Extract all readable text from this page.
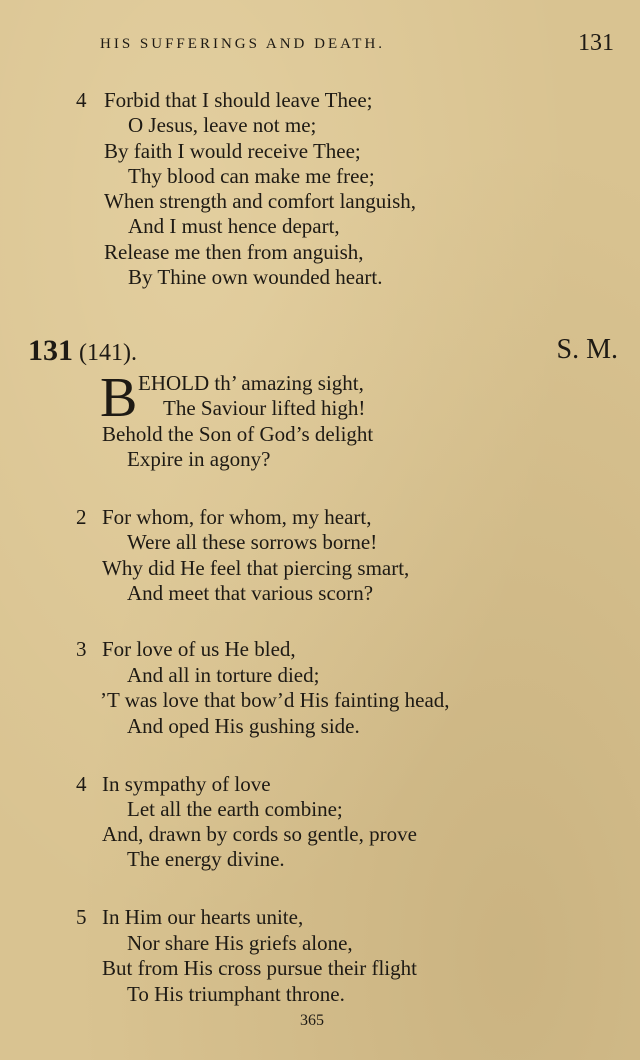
HIS SUFFERINGS AND DEATH.	131
4 Forbid that I should leave Thee;
O Jesus, leave not me;
By faith I would receive Thee;
Thy blood can make me free;
When strength and comfort languish,
And I must hence depart,
Release me then from anguish,
By Thine own wounded heart.
131 (141).	S. M.
B EHOLD th’ amazing sight,
The Saviour lifted high!
Behold the Son of God’s delight
Expire in agony?
2 For whom, for whom, my heart,
Were all these sorrows borne!
Why did He feel that piercing smart,
And meet that various scorn?
3 For love of us He bled,
And all in torture died;
’T was love that bow’d His fainting head,
And oped His gushing side.
4 In sympathy of love
Let all the earth combine;
And, drawn by cords so gentle, prove
The energy divine.
5 In Him our hearts unite,
Nor share His griefs alone,
But from His cross pursue their flight
To His triumphant throne.
365
